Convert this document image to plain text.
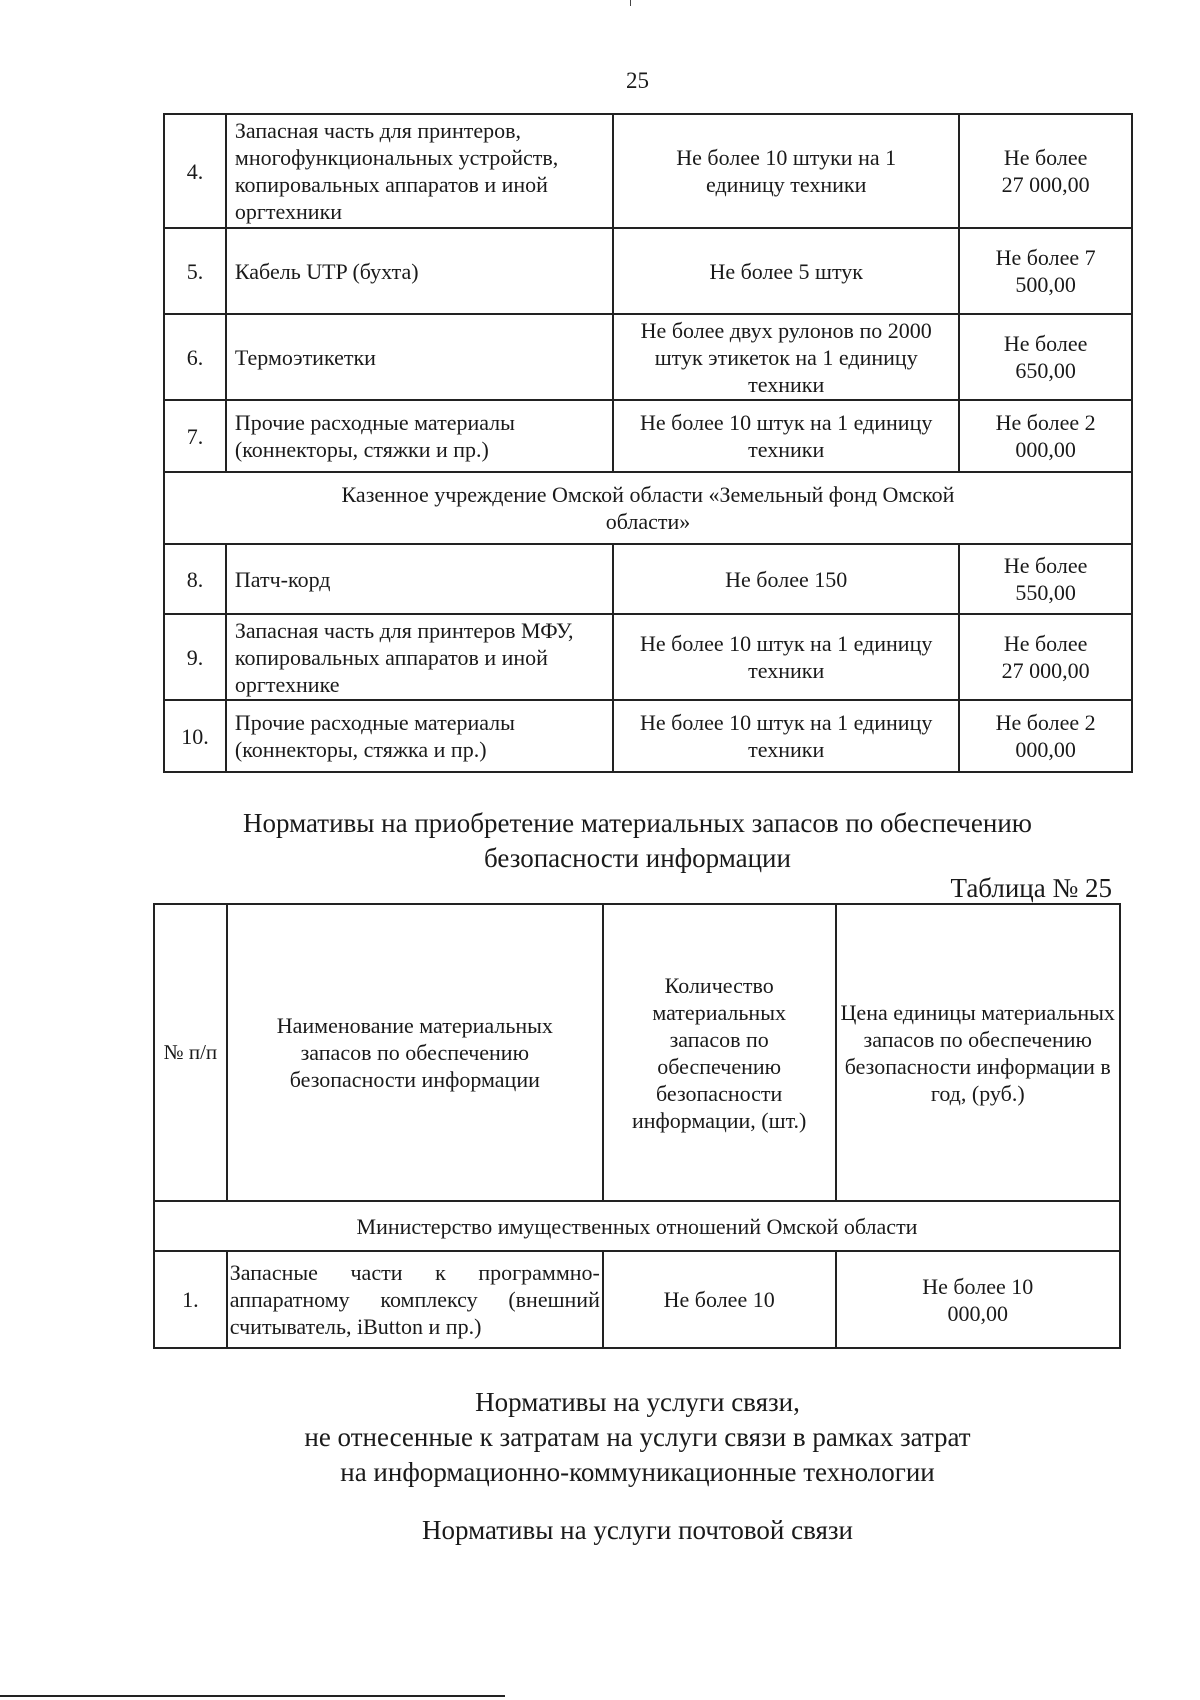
25
4.	Запасная часть для принтеров, многофункциональных устройств, копировальных аппаратов и иной оргтехники	Не более 10 штуки на 1 единицу техники	Не более 27 000,00
5.	Кабель UTP (бухта)	Не более 5 штук	Не более 7 500,00
6.	Термоэтикетки	Не более двух рулонов по 2000 штук этикеток на 1 единицу техники	Не более 650,00
7.	Прочие расходные материалы (коннекторы, стяжки и пр.)	Не более 10 штук на 1 единицу техники	Не более 2 000,00
Казенное учреждение Омской области «Земельный фонд Омской области»			
8.	Патч-корд	Не более 150	Не более 550,00
9.	Запасная часть для принтеров МФУ, копировальных аппаратов и иной оргтехнике	Не более 10 штук на 1 единицу техники	Не более 27 000,00
10.	Прочие расходные материалы (коннекторы, стяжка и пр.)	Не более 10 штук на 1 единицу техники	Не более 2 000,00
Нормативы на приобретение материальных запасов по обеспечению
безопасности информации
Таблица № 25
№ п/п	Наименование материальных запасов по обеспечению безопасности информации	Количество материальных запасов по обеспечению безопасности информации, (шт.)	Цена единицы материальных запасов по обеспечению безопасности информации в год, (руб.)
Министерство имущественных отношений Омской области			
1.	Запасные части к программно-аппаратному комплексу (внешний считыватель, iButton и пр.)	Не более 10	Не более 10 000,00
Нормативы на услуги связи,
не отнесенные к затратам на услуги связи в рамках затрат
на информационно-коммуникационные технологии
Нормативы на услуги почтовой связи
